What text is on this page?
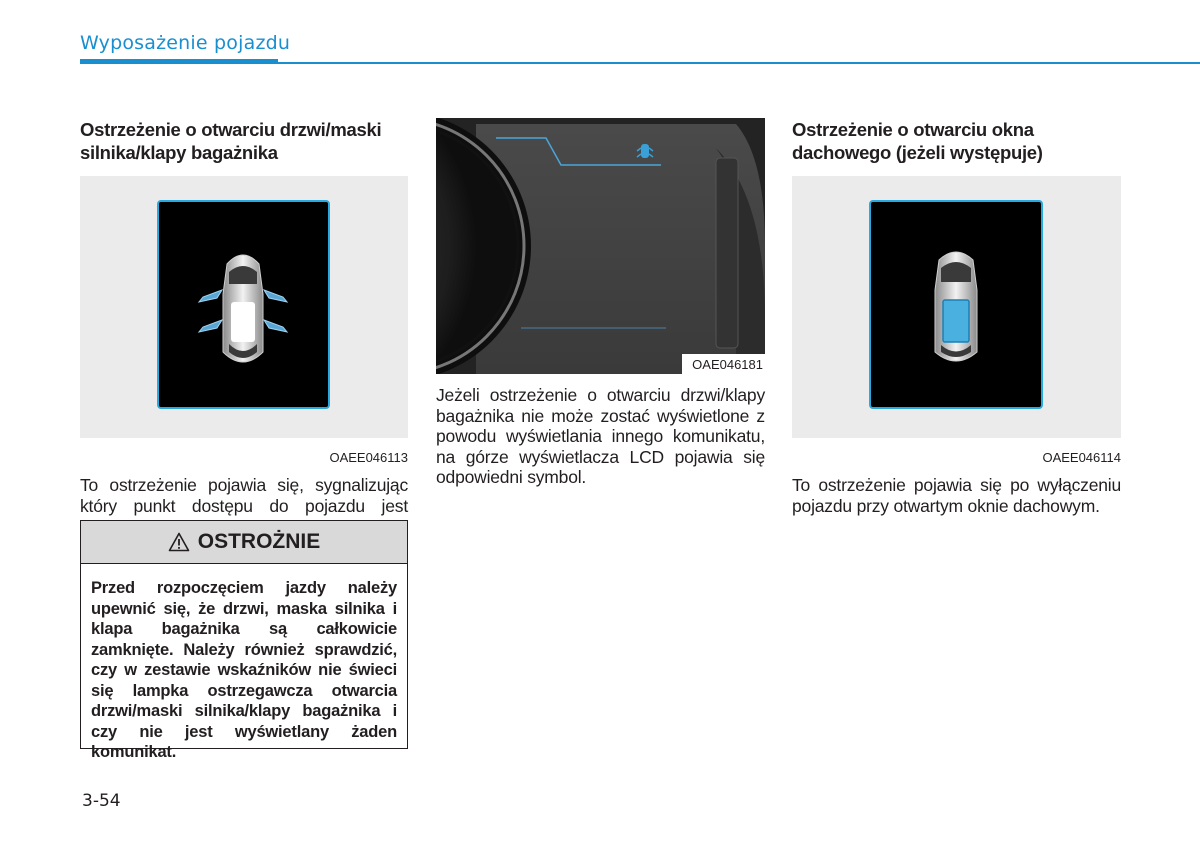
Wyposażenie pojazdu
Ostrzeżenie o otwarciu drzwi/maski
silnika/klapy bagażnika
OAEE046113

To ostrzeżenie pojawia się, sygnalizując który punkt dostępu do pojazdu jest

OSTROŻNIE

Przed rozpoczęciem jazdy należy upewnić się, że drzwi, maska silnika i klapa bagażnika są całkowicie zamknięte. Należy również sprawdzić, czy w zestawie wskaźników nie świeci się lampka ostrzegawcza otwarcia drzwi/maski silnika/klapy bagażnika i czy nie jest wyświetlany żaden komunikat.

OAE046181

Jeżeli ostrzeżenie o otwarciu drzwi/klapy bagażnika nie może zostać wyświetlone z powodu wyświetlania innego komunikatu, na górze wyświetlacza LCD pojawia się odpowiedni symbol.

Ostrzeżenie o otwarciu okna
dachowego (jeżeli występuje)
OAEE046114

To ostrzeżenie pojawia się po wyłączeniu pojazdu przy otwartym oknie dachowym.

3-54
